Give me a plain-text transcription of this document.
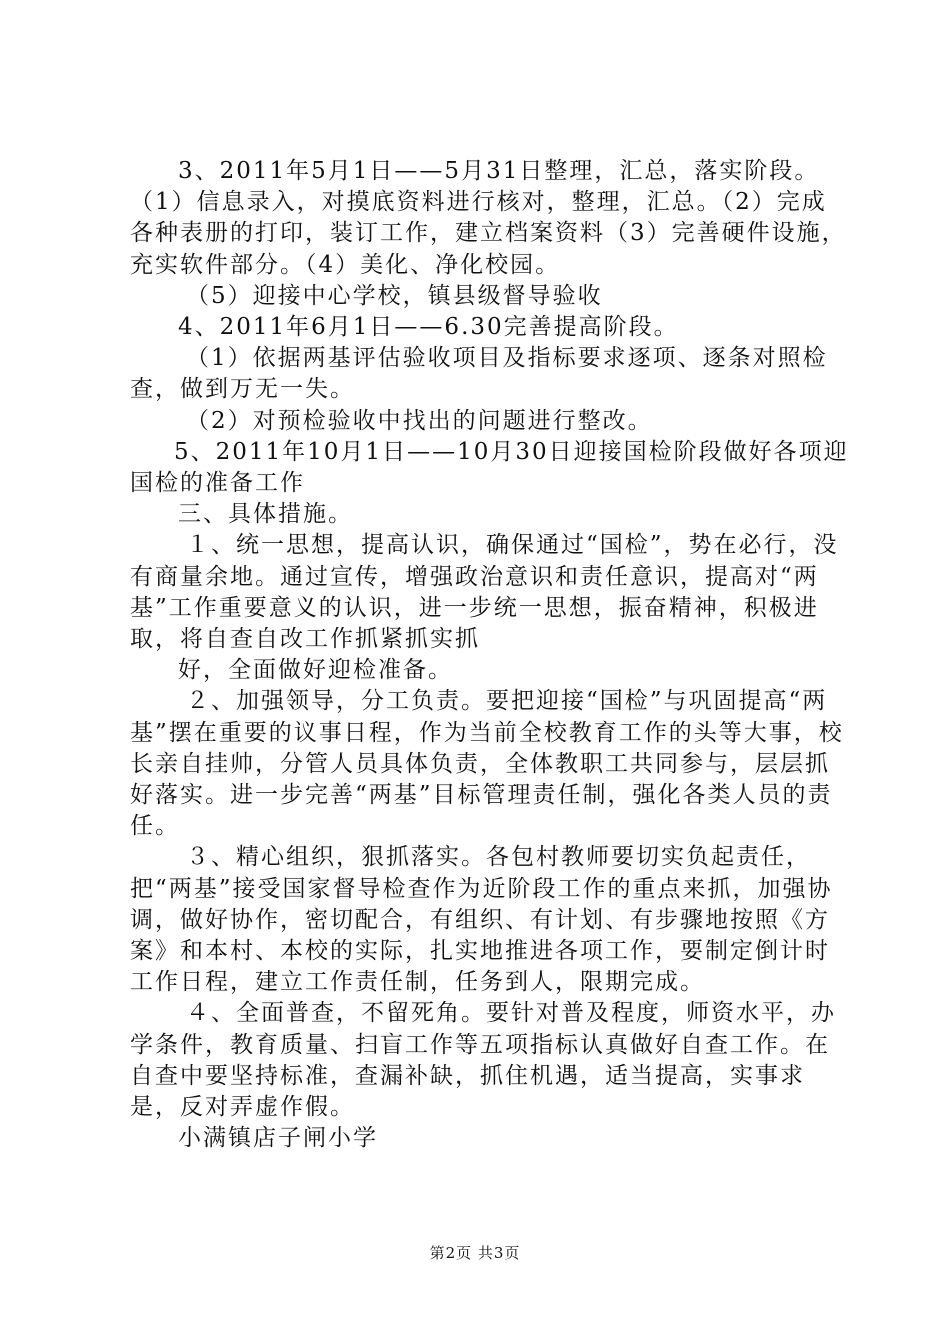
3、2011年5月1日——5月31日整理，汇总，落实阶段。（1）信息录入，对摸底资料进行核对，整理，汇总。（2）完成各种表册的打印，装订工作，建立档案资料（3）完善硬件设施，充实软件部分。（4）美化、净化校园。

（5）迎接中心学校，镇县级督导验收

4、2011年6月1日——6.30完善提高阶段。

（1）依据两基评估验收项目及指标要求逐项、逐条对照检查，做到万无一失。

（2）对预检验收中找出的问题进行整改。

5、2011年10月1日——10月30日迎接国检阶段做好各项迎国检的准备工作

三、具体措施。

１、统一思想，提高认识，确保通过“国检”，势在必行，没有商量余地。通过宣传，增强政治意识和责任意识，提高对“两基”工作重要意义的认识，进一步统一思想，振奋精神，积极进取，将自查自改工作抓紧抓实抓

好，全面做好迎检准备。

２、加强领导，分工负责。要把迎接“国检”与巩固提高“两基”摆在重要的议事日程，作为当前全校教育工作的头等大事，校长亲自挂帅，分管人员具体负责，全体教职工共同参与，层层抓好落实。进一步完善“两基”目标管理责任制，强化各类人员的责任。

３、精心组织，狠抓落实。各包村教师要切实负起责任，把“两基”接受国家督导检查作为近阶段工作的重点来抓，加强协调，做好协作，密切配合，有组织、有计划、有步骤地按照《方案》和本村、本校的实际，扎实地推进各项工作，要制定倒计时工作日程，建立工作责任制，任务到人，限期完成。

４、全面普查，不留死角。要针对普及程度，师资水平，办学条件，教育质量、扫盲工作等五项指标认真做好自查工作。在自查中要坚持标准，查漏补缺，抓住机遇，适当提高，实事求是，反对弄虚作假。

小满镇店子闸小学

第2页 共3页
